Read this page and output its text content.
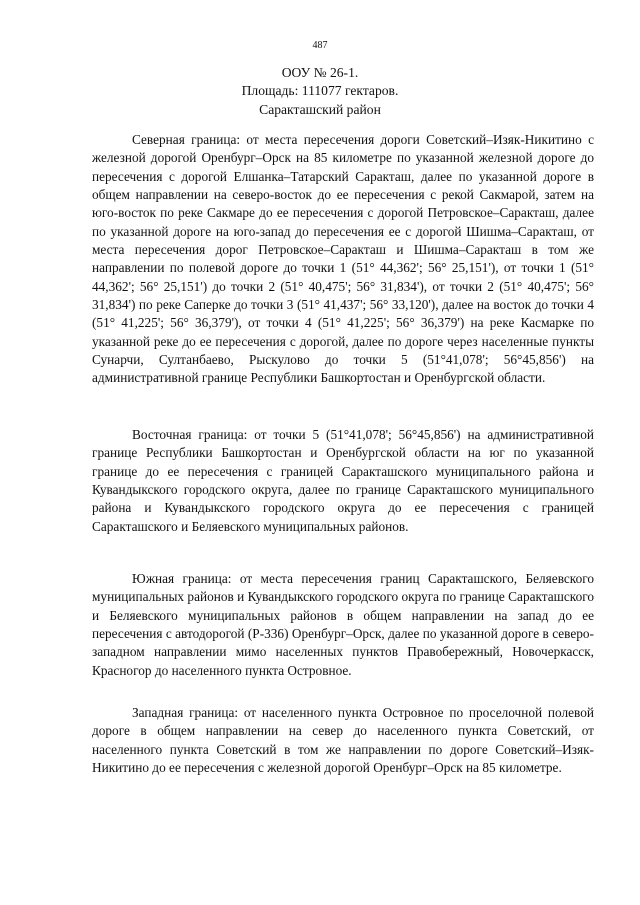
487
ООУ № 26-1.
Площадь: 111077 гектаров.
Саракташский район

Северная граница: от места пересечения дороги Советский–Изяк-Никитино с железной дорогой Оренбург–Орск на 85 километре по указанной железной дороге до пересечения с дорогой Елшанка–Татарский Саракташ, далее по указанной дороге в общем направлении на северо-восток до ее пересечения с рекой Сакмарой, затем на юго-восток по реке Сакмаре до ее пересечения с дорогой Петровское–Саракташ, далее по указанной дороге на юго-запад до пересечения ее с дорогой Шишма–Саракташ, от места пересечения дорог Петровское–Саракташ и Шишма–Саракташ в том же направлении по полевой дороге до точки 1 (51° 44,362'; 56° 25,151'), от точки 1 (51° 44,362'; 56° 25,151') до точки 2 (51° 40,475'; 56° 31,834'), от точки 2 (51° 40,475'; 56° 31,834') по реке Саперке до точки 3 (51° 41,437'; 56° 33,120'), далее на восток до точки 4 (51° 41,225'; 56° 36,379'), от точки 4 (51° 41,225'; 56° 36,379') на реке Касмарке по указанной реке до ее пересечения с дорогой, далее по дороге через населенные пункты Сунарчи, Султанбаево, Рыскулово до точки 5 (51°41,078'; 56°45,856') на административной границе Республики Башкортостан и Оренбургской области.

Восточная граница: от точки 5 (51°41,078'; 56°45,856') на административной границе Республики Башкортостан и Оренбургской области на юг по указанной границе до ее пересечения с границей Саракташского муниципального района и Кувандыкского городского округа, далее по границе Саракташского муниципального района и Кувандыкского городского округа до ее пересечения с границей Саракташского и Беляевского муниципальных районов.

Южная граница: от места пересечения границ Саракташского, Беляевского муниципальных районов и Кувандыкского городского округа по границе Саракташского и Беляевского муниципальных районов в общем направлении на запад до ее пересечения с автодорогой (Р-336) Оренбург–Орск, далее по указанной дороге в северо-западном направлении мимо населенных пунктов Правобережный, Новочеркасск, Красногор до населенного пункта Островное.

Западная граница: от населенного пункта Островное по проселочной полевой дороге в общем направлении на север до населенного пункта Советский, от населенного пункта Советский в том же направлении по дороге Советский–Изяк-Никитино до ее пересечения с железной дорогой Оренбург–Орск на 85 километре.
